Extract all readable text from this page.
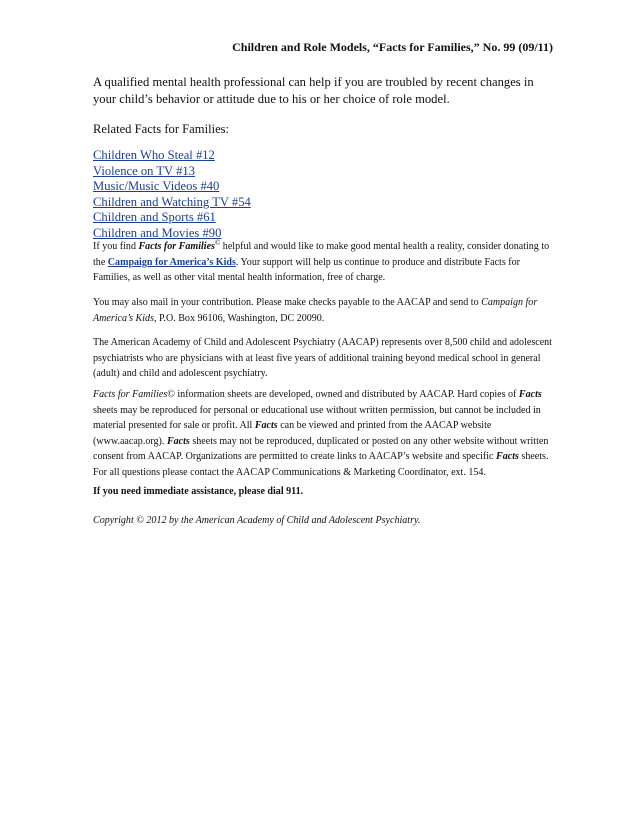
Children and Role Models, “Facts for Families,” No. 99 (09/11)

A qualified mental health professional can help if you are troubled by recent changes in your child’s behavior or attitude due to his or her choice of role model.

Related Facts for Families:

Children Who Steal #12
Violence on TV #13
Music/Music Videos #40
Children and Watching TV #54
Children and Sports #61
Children and Movies #90

If you find Facts for Families© helpful and would like to make good mental health a reality, consider donating to the Campaign for America’s Kids. Your support will help us continue to produce and distribute Facts for Families, as well as other vital mental health information, free of charge.

You may also mail in your contribution. Please make checks payable to the AACAP and send to Campaign for America’s Kids, P.O. Box 96106, Washington, DC 20090.

The American Academy of Child and Adolescent Psychiatry (AACAP) represents over 8,500 child and adolescent psychiatrists who are physicians with at least five years of additional training beyond medical school in general (adult) and child and adolescent psychiatry.

Facts for Families© information sheets are developed, owned and distributed by AACAP. Hard copies of Facts sheets may be reproduced for personal or educational use without written permission, but cannot be included in material presented for sale or profit. All Facts can be viewed and printed from the AACAP website (www.aacap.org). Facts sheets may not be reproduced, duplicated or posted on any other website without written consent from AACAP. Organizations are permitted to create links to AACAP’s website and specific Facts sheets. For all questions please contact the AACAP Communications & Marketing Coordinator, ext. 154.

If you need immediate assistance, please dial 911.

Copyright © 2012 by the American Academy of Child and Adolescent Psychiatry.
